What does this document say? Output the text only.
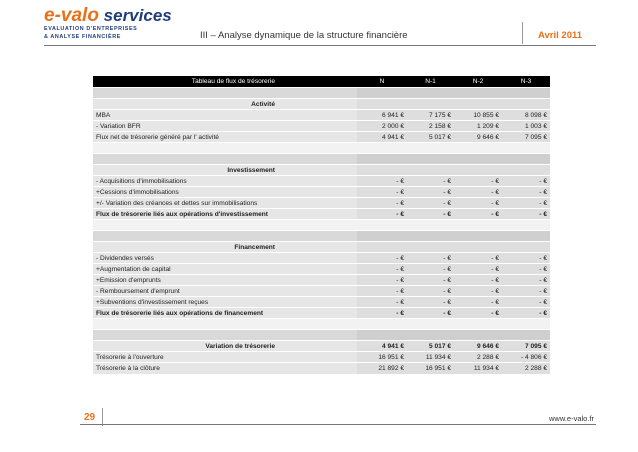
e-valo services
EVALUATION D'ENTREPRISES
& ANALYSE FINANCIÈRE	III – Analyse dynamique de la structure financière	Avril 2011
Tableau de flux de trésorerie	N	N-1	N-2	N-3

Activité				
MBA	6 941 €	7 175 €	10 855 €	8 098 €
- Variation BFR	2 000 €	2 158 €	1 209 €	1 003 €
Flux net de trésorerie généré par l' activité	4 941 €	5 017 €	9 646 €	7 095 €

Investissement				
- Acquisitions d'immobilisations	- €	- €	- €	- €
+Cessions d'immobilisations	- €	- €	- €	- €
+/- Variation des créances et dettes sur immobilisations	- €	- €	- €	- €
Flux de trésorerie liés aux opérations d'investissement	- €	- €	- €	- €

Financement				
- Dividendes versés	- €	- €	- €	- €
+Augmentation de capital	- €	- €	- €	- €
+Emission d'emprunts	- €	- €	- €	- €
- Remboursement d'emprunt	- €	- €	- €	- €
+Subventions d'investissement reçues	- €	- €	- €	- €
Flux de trésorerie liés aux opérations de financement	- €	- €	- €	- €

Variation de trésorerie	4 941 €	5 017 €	9 646 €	7 095 €
Trésorerie à l'ouverture	16 951 €	11 934 €	2 288 €	- 4 806 €
Trésorerie à la clôture	21 892 €	16 951 €	11 934 €	2 288 €
29	www.e-valo.fr
